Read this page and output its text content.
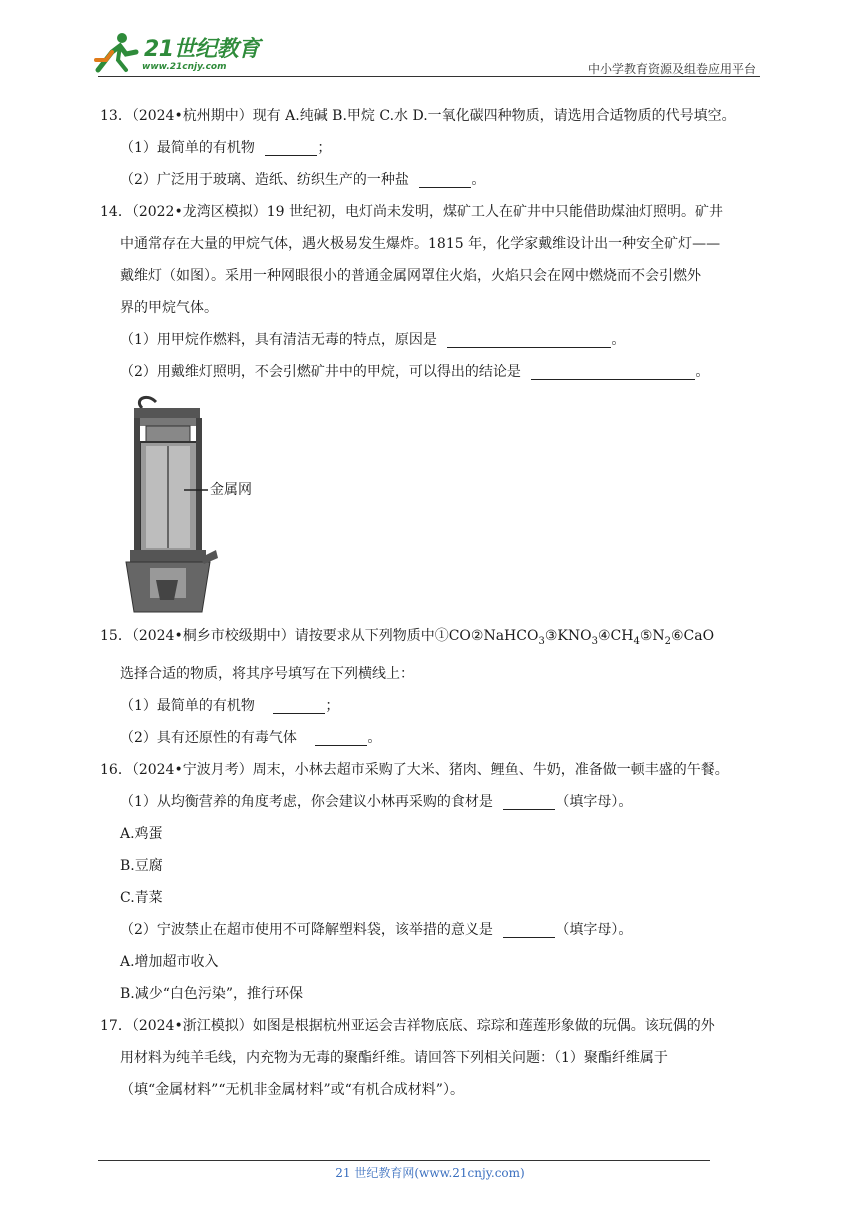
21世纪教育
www.21cnjy.com	中小学教育资源及组卷应用平台
13．（2024•杭州期中）现有 A.纯碱 B.甲烷 C.水 D.一氧化碳四种物质，请选用合适物质的代号填空。
（1）最简单的有机物	；
（2）广泛用于玻璃、造纸、纺织生产的一种盐	。
14．（2022•龙湾区模拟）19 世纪初，电灯尚未发明，煤矿工人在矿井中只能借助煤油灯照明。矿井
中通常存在大量的甲烷气体，遇火极易发生爆炸。1815 年，化学家戴维设计出一种安全矿灯——
戴维灯（如图）。采用一种网眼很小的普通金属网罩住火焰，火焰只会在网中燃烧而不会引燃外
界的甲烷气体。
（1）用甲烷作燃料，具有清洁无毒的特点，原因是	。
（2）用戴维灯照明，不会引燃矿井中的甲烷，可以得出的结论是	。
金属网
15．（2024•桐乡市校级期中）请按要求从下列物质中$①CO②NaHCO_3③KNO_3④CH_4⑤N_2⑥CaO$
选择合适的物质，将其序号填写在下列横线上：
（1）最简单的有机物	；
（2）具有还原性的有毒气体	。
16．（2024•宁波月考）周末，小林去超市采购了大米、猪肉、鲤鱼、牛奶，准备做一顿丰盛的午餐。
（1）从均衡营养的角度考虑，你会建议小林再采购的食材是	（填字母）。
A.鸡蛋
B.豆腐
C.青菜
（2）宁波禁止在超市使用不可降解塑料袋，该举措的意义是	（填字母）。
A.增加超市收入
B.减少“白色污染”，推行环保
17．（2024•浙江模拟）如图是根据杭州亚运会吉祥物底底、琮琮和莲莲形象做的玩偶。该玩偶的外
用材料为纯羊毛线，内充物为无毒的聚酯纤维。请回答下列相关问题：（1）聚酯纤维属于
（填“金属材料”“无机非金属材料”或“有机合成材料”）。
21 世纪教育网(www.21cnjy.com)
